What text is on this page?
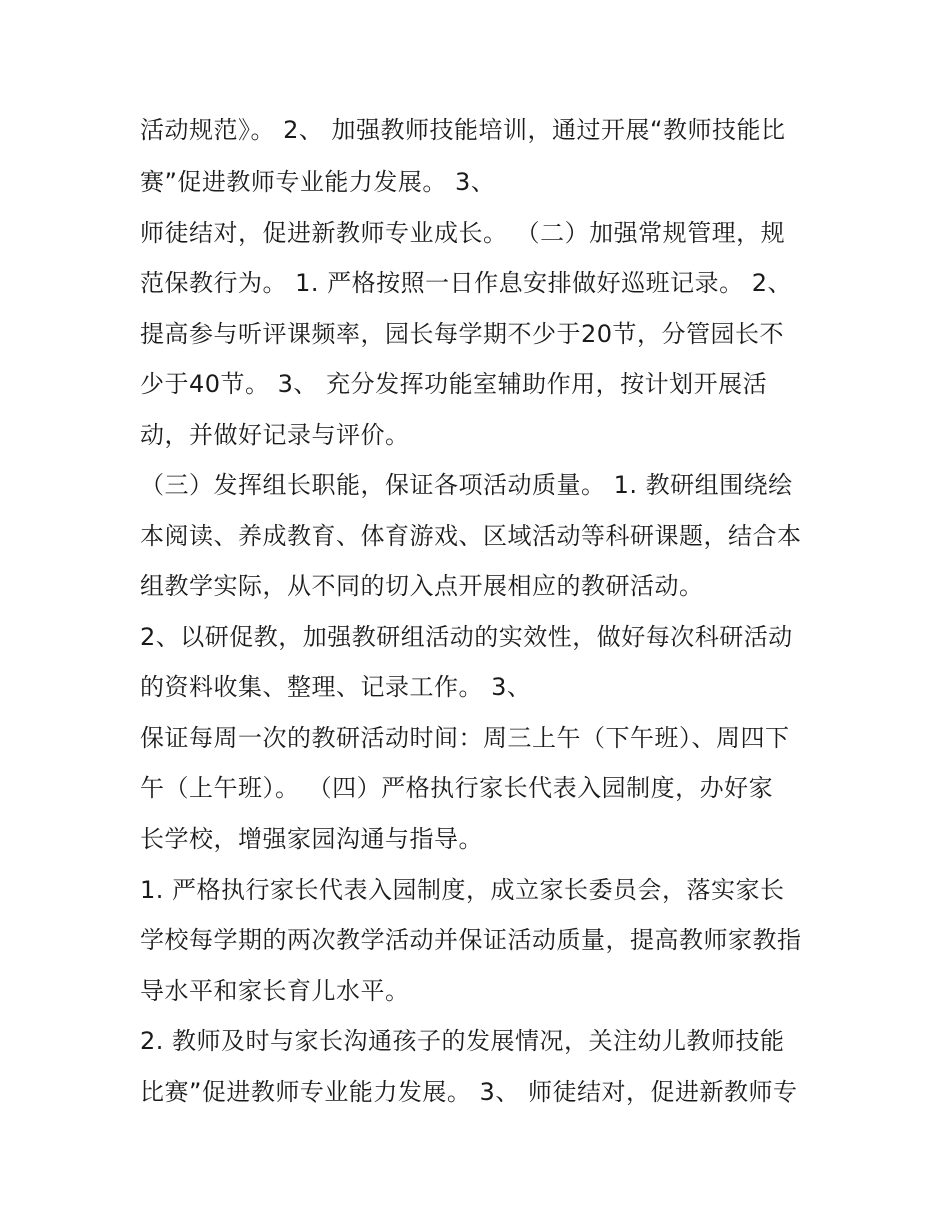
活动规范》。 2、 加强教师技能培训，通过开展“教师技能比
赛”促进教师专业能力发展。 3、
师徒结对，促进新教师专业成长。 （二）加强常规管理，规
范保教行为。 1. 严格按照一日作息安排做好巡班记录。 2、
提高参与听评课频率，园长每学期不少于20节，分管园长不
少于40节。 3、 充分发挥功能室辅助作用，按计划开展活
动，并做好记录与评价。
（三）发挥组长职能，保证各项活动质量。 1. 教研组围绕绘
本阅读、养成教育、体育游戏、区域活动等科研课题，结合本
组教学实际，从不同的切入点开展相应的教研活动。
2、以研促教，加强教研组活动的实效性，做好每次科研活动
的资料收集、整理、记录工作。 3、
保证每周一次的教研活动时间：周三上午（下午班）、周四下
午（上午班）。 （四）严格执行家长代表入园制度，办好家
长学校，增强家园沟通与指导。
1. 严格执行家长代表入园制度，成立家长委员会，落实家长
学校每学期的两次教学活动并保证活动质量，提高教师家教指
导水平和家长育儿水平。
2. 教师及时与家长沟通孩子的发展情况，关注幼儿教师技能
比赛”促进教师专业能力发展。 3、 师徒结对，促进新教师专
